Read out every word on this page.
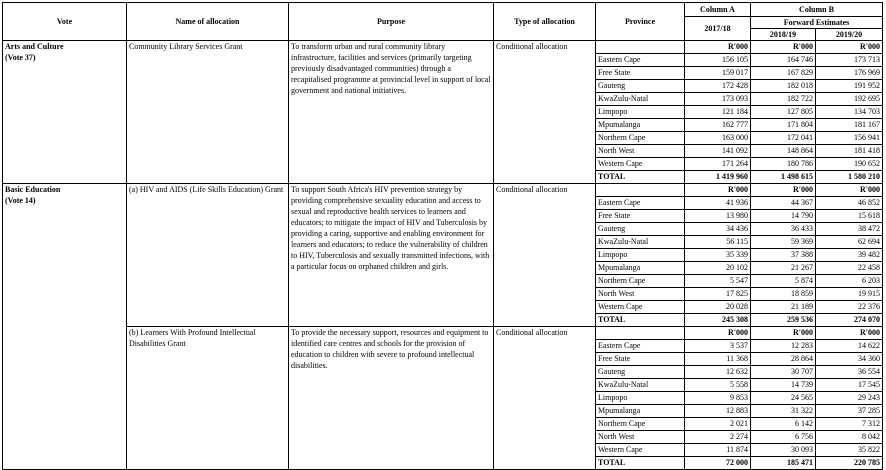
Vote	Name of allocation	Purpose	Type of allocation	Province	Column A	Column B	
					2017/18	Forward Estimates	
						2018/19	2019/20

Arts and Culture
(Vote 37)	Community Library Services Grant	To transform urban and rural community library infrastructure, facilities and services (primarily targeting previously disadvantaged communities) through a recapitalised programme at provincial level in support of local government and national initiatives.	Conditional allocation		R'000	R'000	R'000
				Eastern Cape	156 105	164 746	173 713
				Free State	159 017	167 829	176 969
				Gauteng	172 428	182 018	191 952
				KwaZulu-Natal	173 093	182 722	192 695
				Limpopo	121 184	127 805	134 703
				Mpumalanga	162 777	171 804	181 167
				Northern Cape	163 000	172 041	156 941
				North West	141 092	148 864	181 418
				Western Cape	171 264	180 786	190 652
				TOTAL	1 419 960	1 498 615	1 580 210

Basic Education
(Vote 14)	(a) HIV and AIDS (Life Skills Education) Grant	To support South Africa's HIV prevention strategy by providing comprehensive sexuality education and access to sexual and reproductive health services to learners and educators; to mitigate the impact of HIV and Tuberculosis by providing a caring, supportive and enabling environment for learners and educators; to reduce the vulnerability of children to HIV, Tuberculosis and sexually transmitted infections, with a particular focus on orphaned children and girls.	Conditional allocation		R'000	R'000	R'000
				Eastern Cape	41 936	44 367	46 852
				Free State	13 980	14 790	15 618
				Gauteng	34 436	36 433	38 472
				KwaZulu-Natal	56 115	59 369	62 694
				Limpopo	35 339	37 388	39 482
				Mpumalanga	20 102	21 267	22 458
				Northern Cape	5 547	5 874	6 203
				North West	17 825	18 859	19 915
				Western Cape	20 028	21 189	22 376
				TOTAL	245 308	259 536	274 070
	(b) Learners With Profound Intellectual Disabilities Grant	To provide the necessary support, resources and equipment to identified care centres and schools for the provision of education to children with severe to profound intellectual disabilities.	Conditional allocation		R'000	R'000	R'000
				Eastern Cape	3 537	12 283	14 622
				Free State	11 368	28 864	34 360
				Gauteng	12 632	30 707	36 554
				KwaZulu-Natal	5 558	14 739	17 545
				Limpopo	9 853	24 565	29 243
				Mpumalanga	12 883	31 322	37 285
				Northern Cape	2 021	6 142	7 312
				North West	2 274	6 756	8 042
				Western Cape	11 874	30 093	35 822
				TOTAL	72 000	185 471	220 785
